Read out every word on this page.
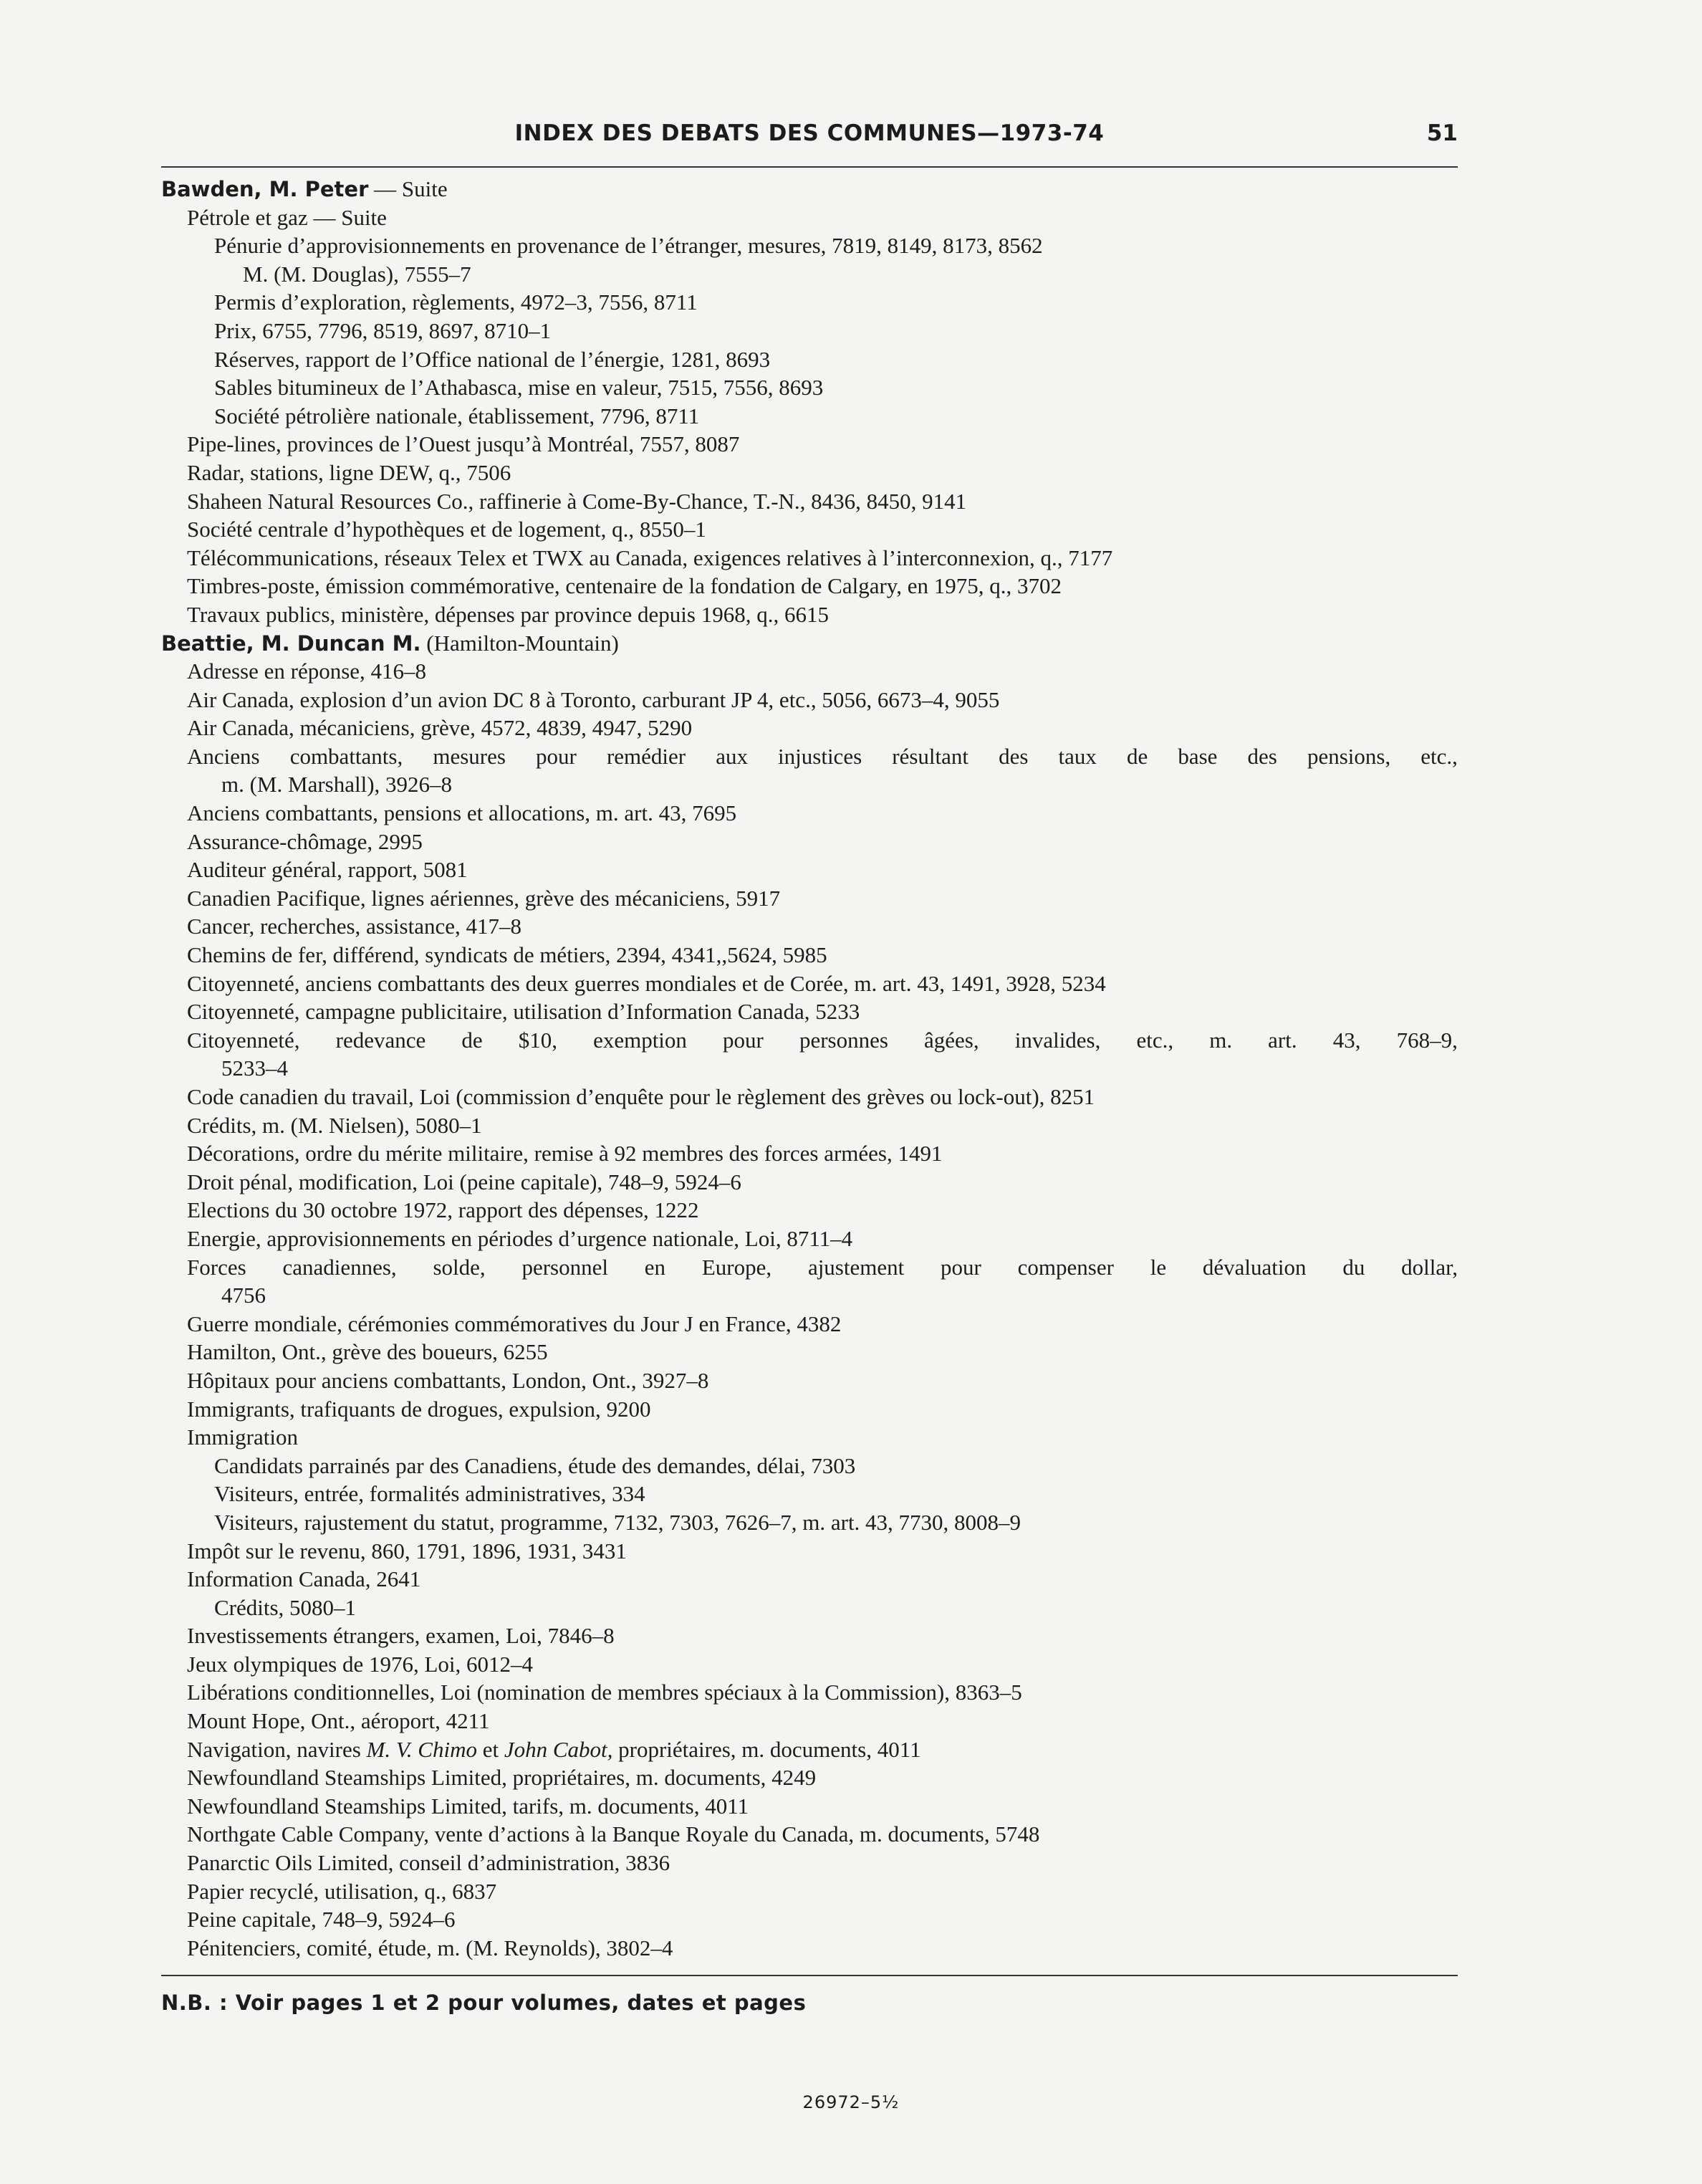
INDEX DES DEBATS DES COMMUNES—1973-74	51
Bawden, M. Peter — Suite
Pétrole et gaz — Suite
Pénurie d’approvisionnements en provenance de l’étranger, mesures, 7819, 8149, 8173, 8562
M. (M. Douglas), 7555–7
Permis d’exploration, règlements, 4972–3, 7556, 8711
Prix, 6755, 7796, 8519, 8697, 8710–1
Réserves, rapport de l’Office national de l’énergie, 1281, 8693
Sables bitumineux de l’Athabasca, mise en valeur, 7515, 7556, 8693
Société pétrolière nationale, établissement, 7796, 8711
Pipe-lines, provinces de l’Ouest jusqu’à Montréal, 7557, 8087
Radar, stations, ligne DEW, q., 7506
Shaheen Natural Resources Co., raffinerie à Come-By-Chance, T.-N., 8436, 8450, 9141
Société centrale d’hypothèques et de logement, q., 8550–1
Télécommunications, réseaux Telex et TWX au Canada, exigences relatives à l’interconnexion, q., 7177
Timbres-poste, émission commémorative, centenaire de la fondation de Calgary, en 1975, q., 3702
Travaux publics, ministère, dépenses par province depuis 1968, q., 6615
Beattie, M. Duncan M. (Hamilton-Mountain)
Adresse en réponse, 416–8
Air Canada, explosion d’un avion DC 8 à Toronto, carburant JP 4, etc., 5056, 6673–4, 9055
Air Canada, mécaniciens, grève, 4572, 4839, 4947, 5290
Anciens combattants, mesures pour remédier aux injustices résultant des taux de base des pensions, etc.,
m. (M. Marshall), 3926–8
Anciens combattants, pensions et allocations, m. art. 43, 7695
Assurance-chômage, 2995
Auditeur général, rapport, 5081
Canadien Pacifique, lignes aériennes, grève des mécaniciens, 5917
Cancer, recherches, assistance, 417–8
Chemins de fer, différend, syndicats de métiers, 2394, 4341,,5624, 5985
Citoyenneté, anciens combattants des deux guerres mondiales et de Corée, m. art. 43, 1491, 3928, 5234
Citoyenneté, campagne publicitaire, utilisation d’Information Canada, 5233
Citoyenneté, redevance de $10, exemption pour personnes âgées, invalides, etc., m. art. 43, 768–9,
5233–4
Code canadien du travail, Loi (commission d’enquête pour le règlement des grèves ou lock-out), 8251
Crédits, m. (M. Nielsen), 5080–1
Décorations, ordre du mérite militaire, remise à 92 membres des forces armées, 1491
Droit pénal, modification, Loi (peine capitale), 748–9, 5924–6
Elections du 30 octobre 1972, rapport des dépenses, 1222
Energie, approvisionnements en périodes d’urgence nationale, Loi, 8711–4
Forces canadiennes, solde, personnel en Europe, ajustement pour compenser le dévaluation du dollar,
4756
Guerre mondiale, cérémonies commémoratives du Jour J en France, 4382
Hamilton, Ont., grève des boueurs, 6255
Hôpitaux pour anciens combattants, London, Ont., 3927–8
Immigrants, trafiquants de drogues, expulsion, 9200
Immigration
Candidats parrainés par des Canadiens, étude des demandes, délai, 7303
Visiteurs, entrée, formalités administratives, 334
Visiteurs, rajustement du statut, programme, 7132, 7303, 7626–7, m. art. 43, 7730, 8008–9
Impôt sur le revenu, 860, 1791, 1896, 1931, 3431
Information Canada, 2641
Crédits, 5080–1
Investissements étrangers, examen, Loi, 7846–8
Jeux olympiques de 1976, Loi, 6012–4
Libérations conditionnelles, Loi (nomination de membres spéciaux à la Commission), 8363–5
Mount Hope, Ont., aéroport, 4211
Navigation, navires M. V. Chimo et John Cabot, propriétaires, m. documents, 4011
Newfoundland Steamships Limited, propriétaires, m. documents, 4249
Newfoundland Steamships Limited, tarifs, m. documents, 4011
Northgate Cable Company, vente d’actions à la Banque Royale du Canada, m. documents, 5748
Panarctic Oils Limited, conseil d’administration, 3836
Papier recyclé, utilisation, q., 6837
Peine capitale, 748–9, 5924–6
Pénitenciers, comité, étude, m. (M. Reynolds), 3802–4
N.B. : Voir pages 1 et 2 pour volumes, dates et pages
26972–5½
